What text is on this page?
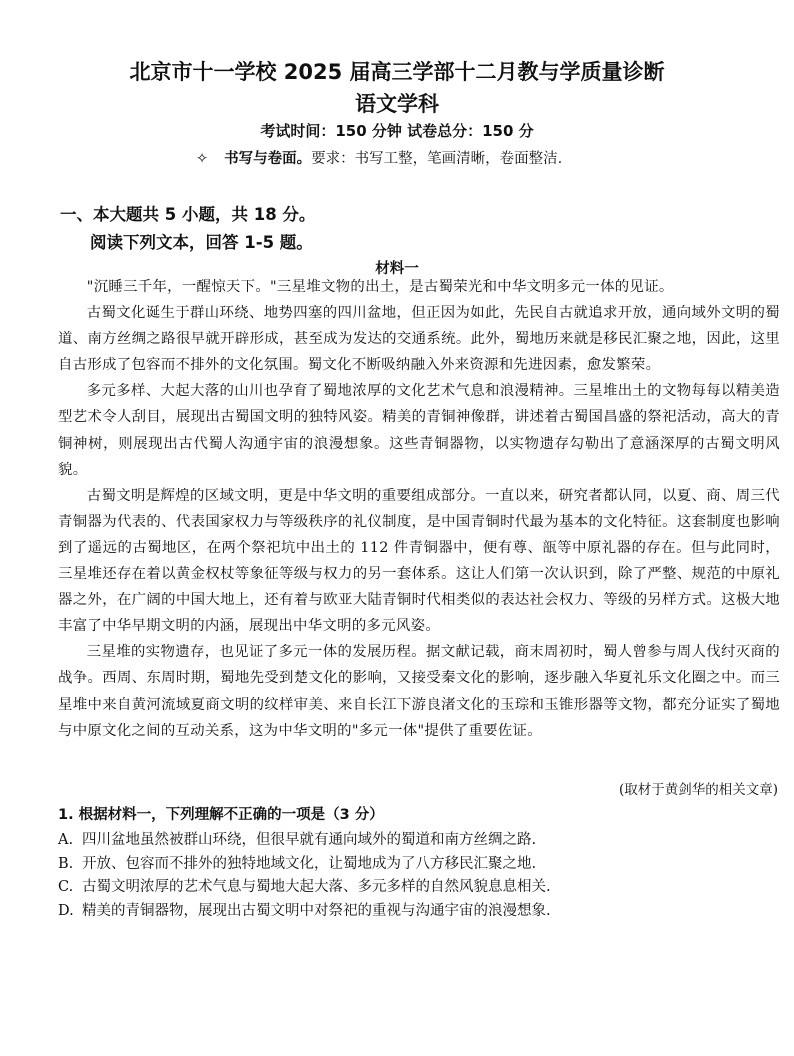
北京市十一学校 2025 届高三学部十二月教与学质量诊断
语文学科
考试时间：150 分钟 试卷总分：150 分
✧ 书写与卷面。要求：书写工整，笔画清晰，卷面整洁.
一、本大题共 5 小题，共 18 分。
阅读下列文本，回答 1-5 题。
材料一

"沉睡三千年，一醒惊天下。"三星堆文物的出土，是古蜀荣光和中华文明多元一体的见证。

古蜀文化诞生于群山环绕、地势四塞的四川盆地，但正因为如此，先民自古就追求开放，通向域外文明的蜀道、南方丝绸之路很早就开辟形成，甚至成为发达的交通系统。此外，蜀地历来就是移民汇聚之地，因此，这里自古形成了包容而不排外的文化氛围。蜀文化不断吸纳融入外来资源和先进因素，愈发繁荣。

多元多样、大起大落的山川也孕育了蜀地浓厚的文化艺术气息和浪漫精神。三星堆出土的文物每每以精美造型艺术令人刮目，展现出古蜀国文明的独特风姿。精美的青铜神像群，讲述着古蜀国昌盛的祭祀活动，高大的青铜神树，则展现出古代蜀人沟通宇宙的浪漫想象。这些青铜器物，以实物遗存勾勒出了意涵深厚的古蜀文明风貌。

古蜀文明是辉煌的区域文明，更是中华文明的重要组成部分。一直以来，研究者都认同，以夏、商、周三代青铜器为代表的、代表国家权力与等级秩序的礼仪制度，是中国青铜时代最为基本的文化特征。这套制度也影响到了遥远的古蜀地区，在两个祭祀坑中出土的 112 件青铜器中，便有尊、瓿等中原礼器的存在。但与此同时，三星堆还存在着以黄金权杖等象征等级与权力的另一套体系。这让人们第一次认识到，除了严整、规范的中原礼器之外，在广阔的中国大地上，还有着与欧亚大陆青铜时代相类似的表达社会权力、等级的另样方式。这极大地丰富了中华早期文明的内涵，展现出中华文明的多元风姿。

三星堆的实物遗存，也见证了多元一体的发展历程。据文献记载，商末周初时，蜀人曾参与周人伐纣灭商的战争。西周、东周时期，蜀地先受到楚文化的影响，又接受秦文化的影响，逐步融入华夏礼乐文化圈之中。而三星堆中来自黄河流域夏商文明的纹样审美、来自长江下游良渚文化的玉琮和玉锥形器等文物，都充分证实了蜀地与中原文化之间的互动关系，这为中华文明的"多元一体"提供了重要佐证。

(取材于黄剑华的相关文章)
1. 根据材料一，下列理解不正确的一项是（3 分）
A. 四川盆地虽然被群山环绕，但很早就有通向域外的蜀道和南方丝绸之路.
B. 开放、包容而不排外的独特地域文化，让蜀地成为了八方移民汇聚之地.
C. 古蜀文明浓厚的艺术气息与蜀地大起大落、多元多样的自然风貌息息相关.
D. 精美的青铜器物，展现出古蜀文明中对祭祀的重视与沟通宇宙的浪漫想象.
